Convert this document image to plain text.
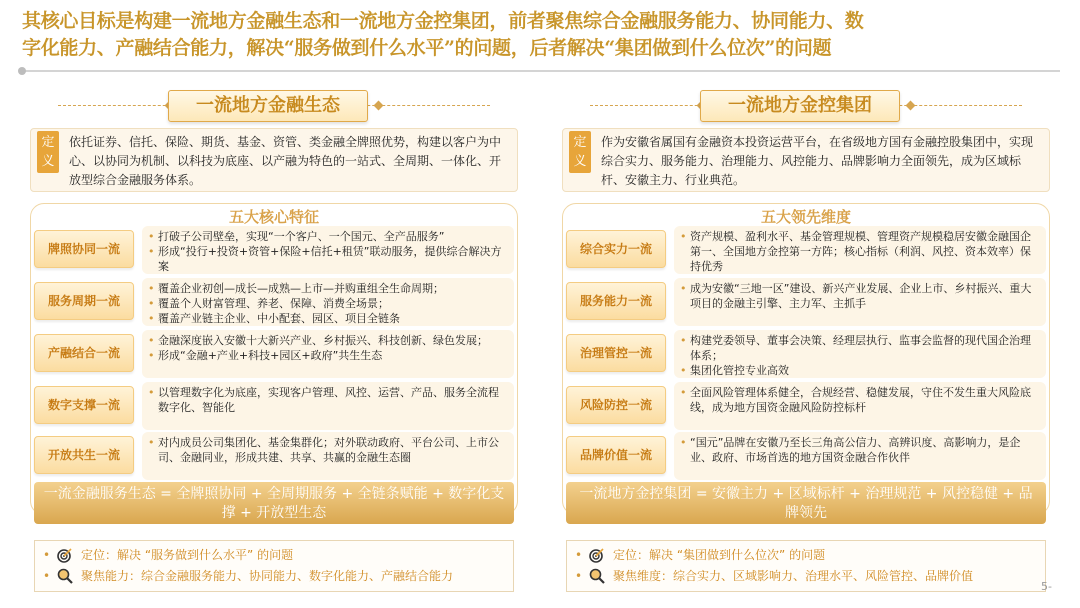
其核心目标是构建一流地方金融生态和一流地方金控集团，前者聚焦综合金融服务能力、协同能力、数
字化能力、产融结合能力，解决“服务做到什么水平”的问题，后者解决“集团做到什么位次”的问题
一流地方金融生态
定义
依托证券、信托、保险、期货、基金、资管、类金融全牌照优势，构建以客户为中心、以协同为机制、以科技为底座、以产融为特色的一站式、全周期、一体化、开放型综合金融服务体系。
五大核心特征
牌照协同一流
• 打破子公司壁垒，实现“一个客户、一个国元、全产品服务”
• 形成“投行+投资+资管+保险+信托+租赁”联动服务，提供综合解决方案
服务周期一流
• 覆盖企业初创—成长—成熟—上市—并购重组全生命周期；
• 覆盖个人财富管理、养老、保障、消费全场景；
• 覆盖产业链主企业、中小配套、园区、项目全链条
产融结合一流
• 金融深度嵌入安徽十大新兴产业、乡村振兴、科技创新、绿色发展；
• 形成“金融+产业+科技+园区+政府”共生生态
数字支撑一流
• 以管理数字化为底座，实现客户管理、风控、运营、产品、服务全流程数字化、智能化
开放共生一流
• 对内成员公司集团化、基金集群化；对外联动政府、平台公司、上市公司、金融同业，形成共建、共享、共赢的金融生态圈
一流金融服务生态 = 全牌照协同 + 全周期服务 + 全链条赋能 + 数字化支撑 + 开放型生态
•	定位：解决 “服务做到什么水平” 的问题
•	聚焦能力：综合金融服务能力、协同能力、数字化能力、产融结合能力
一流地方金控集团
定义
作为安徽省属国有金融资本投资运营平台，在省级地方国有金融控股集团中，实现综合实力、服务能力、治理能力、风控能力、品牌影响力全面领先，成为区域标杆、安徽主力、行业典范。
五大领先维度
综合实力一流
• 资产规模、盈利水平、基金管理规模、管理资产规模稳居安徽金融国企第一、全国地方金控第一方阵；核心指标（利润、风控、资本效率）保持优秀
服务能力一流
• 成为安徽“三地一区”建设、新兴产业发展、企业上市、乡村振兴、重大项目的金融主引擎、主力军、主抓手
治理管控一流
• 构建党委领导、董事会决策、经理层执行、监事会监督的现代国企治理体系；
• 集团化管控专业高效
风险防控一流
• 全面风险管理体系健全，合规经营、稳健发展，守住不发生重大风险底线，成为地方国资金融风险防控标杆
品牌价值一流
• “国元”品牌在安徽乃至长三角高公信力、高辨识度、高影响力，是企业、政府、市场首选的地方国资金融合作伙伴
一流地方金控集团 = 安徽主力 + 区域标杆 + 治理规范 + 风控稳健 + 品牌领先
•	定位：解决 “集团做到什么位次” 的问题
•	聚焦维度：综合实力、区域影响力、治理水平、风险管控、品牌价值
5-
